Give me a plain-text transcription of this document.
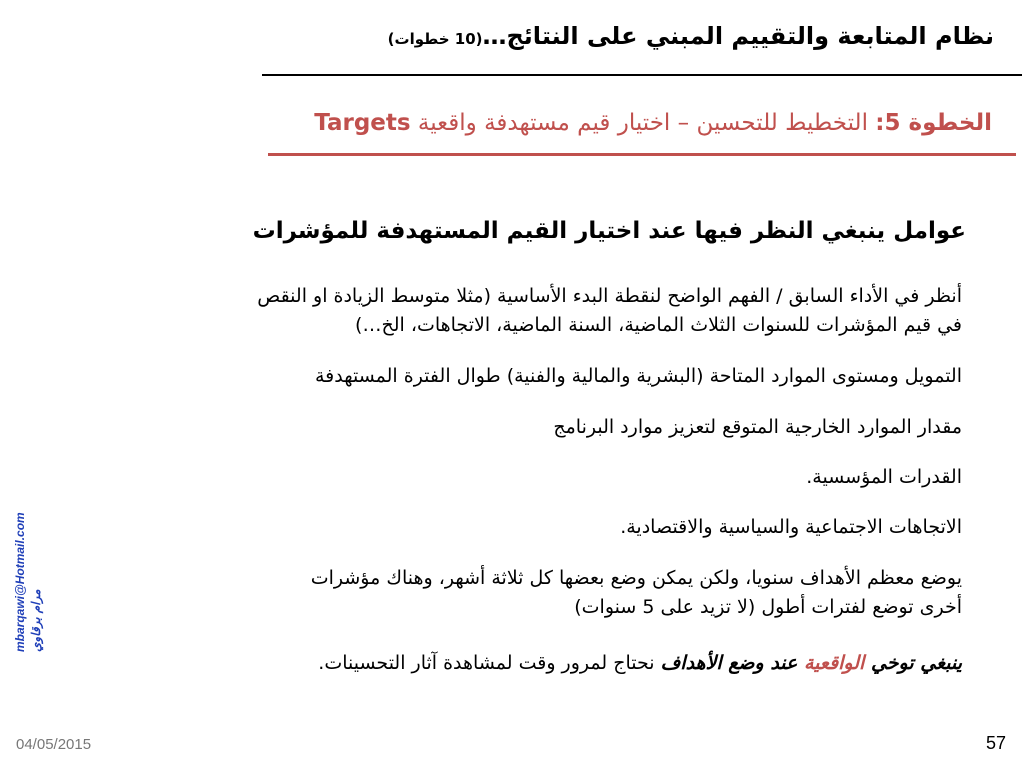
نظام المتابعة والتقييم المبني على النتائج…(10 خطوات)
الخطوة 5: التخطيط للتحسين – اختيار قيم مستهدفة واقعية Targets
عوامل ينبغي النظر فيها عند اختيار القيم المستهدفة للمؤشرات
أنظر في الأداء السابق / الفهم الواضح لنقطة البدء الأساسية (مثلا متوسط الزيادة او النقص
في قيم المؤشرات للسنوات الثلاث الماضية، السنة الماضية، الاتجاهات، الخ…)
التمويل ومستوى الموارد المتاحة (البشرية والمالية والفنية) طوال الفترة المستهدفة
مقدار الموارد الخارجية المتوقع لتعزيز موارد البرنامج
القدرات المؤسسية.
الاتجاهات الاجتماعية والسياسية والاقتصادية.
يوضع معظم الأهداف سنويا، ولكن يمكن وضع بعضها كل ثلاثة أشهر، وهناك مؤشرات
أخرى توضع لفترات أطول (لا تزيد على 5 سنوات)
ينبغي توخي الواقعية عند وضع الأهداف نحتاج لمرور وقت لمشاهدة آثار التحسينات.
mbarqawi@Hotmail.com مرام برقاوي
04/05/2015	57
